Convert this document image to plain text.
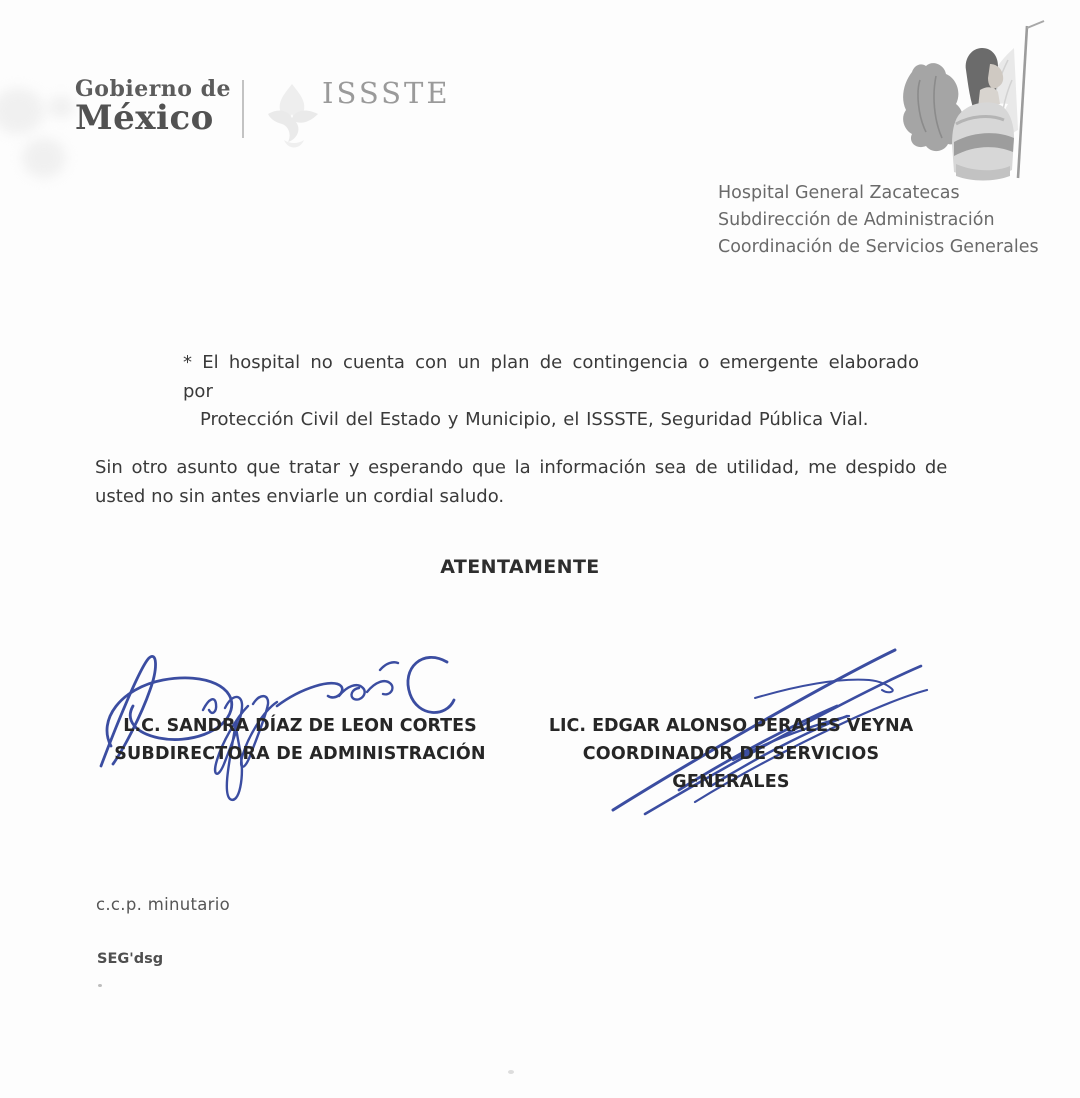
Gobierno de
México
ISSSTE
Hospital General Zacatecas
Subdirección de Administración
Coordinación de Servicios Generales
* El hospital no cuenta con un plan de contingencia o emergente elaborado por
Protección Civil del Estado y Municipio, el ISSSTE, Seguridad Pública Vial.
Sin otro asunto que tratar y esperando que la información sea de utilidad, me despido de
usted no sin antes enviarle un cordial saludo.
ATENTAMENTE
L.C. SANDRA DÍAZ DE LEON CORTES
SUBDIRECTORA DE ADMINISTRACIÓN
LIC. EDGAR ALONSO PERALES VEYNA
COORDINADOR DE SERVICIOS GENERALES
c.c.p. minutario
SEG'dsg
